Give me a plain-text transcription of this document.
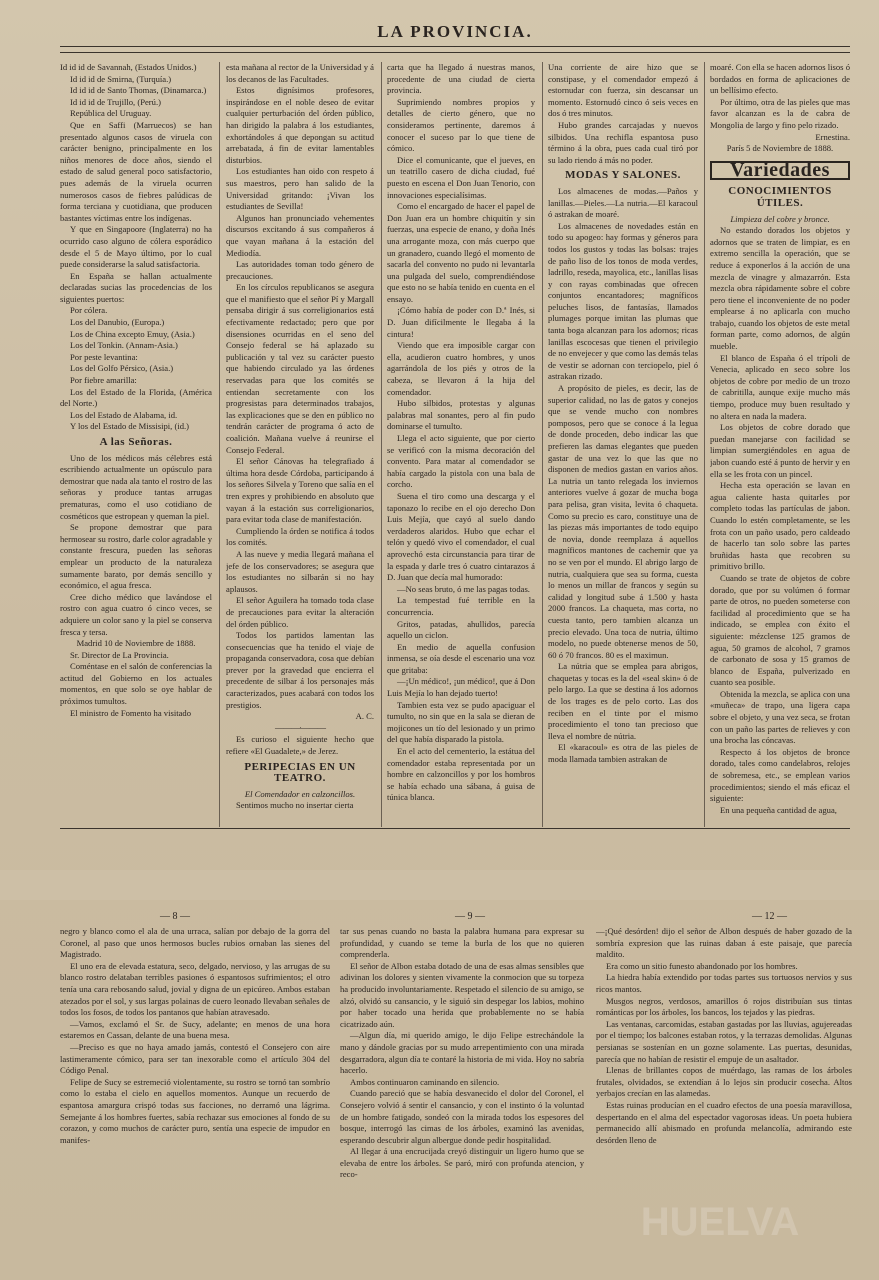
LA PROVINCIA.

Id id id de Savannah, (Estados Unidos.)

Id id id de Smirna, (Turquía.)

Id id id de Santo Thomas, (Dinamarca.)

Id id id de Trujillo, (Perú.)

República del Uruguay.

Que en Saffi (Marruecos) se han presentado algunos casos de viruela con carácter benigno, principalmente en los niños menores de doce años, siendo el estado de salud general poco satisfactorio, pues además de la viruela ocurren numerosos casos de fiebres palúdicas de forma terciana y cuotidiana, que producen bastantes víctimas entre los indígenas.

Y que en Singapoore (Inglaterra) no ha ocurrido caso alguno de cólera esporádico desde el 5 de Mayo último, por lo cual puede considerarse la salud satisfactoria.

En España se hallan actualmente declaradas sucias las procedencias de los siguientes puertos:

Por cólera.

Los del Danubio, (Europa.)

Los de China excepto Emuy, (Asia.)

Los del Tonkin. (Annam-Asia.)

Por peste levantina:

Los del Golfo Pérsico, (Asia.)

Por fiebre amarilla:

Los del Estado de la Florida, (América del Norte.)

Los del Estado de Alabama, id.

Y los del Estado de Missisipi, (id.)

A las Señoras.

Uno de los médicos más célebres está escribiendo actualmente un opúsculo para demostrar que nada ala tanto el rostro de las señoras y produce tantas arrugas prematuras, como el uso cotidiano de cosméticos que estropean y queman la piel.

Se propone demostrar que para hermosear su rostro, darle color agradable y constante frescura, pueden las señoras emplear un producto de la naturaleza sumamente barato, por demás sencillo y económico, el agua fresca.

Cree dicho médico que lavándose el rostro con agua cuatro ó cinco veces, se adquiere un color sano y la piel se conserva fresca y tersa.

Madrid 10 de Noviembre de 1888.

Sr. Director de La Provincia.

Coméntase en el salón de conferencias la actitud del Gobierno en los actuales momentos, en que solo se oye hablar de próximos tumultos.

El ministro de Fomento ha visitado

esta mañana al rector de la Universidad y á los decanos de las Facultades.

Estos dignísimos profesores, inspirándose en el noble deseo de evitar cualquier perturbación del órden público, han dirigido la palabra á los estudiantes, exhortándoles á que depongan su actitud arrebatada, á fin de evitar lamentables disturbios.

Los estudiantes han oido con respeto á sus maestros, pero han salido de la Universidad gritando: ¡Vivan los estudiantes de Sevilla!

Algunos han pronunciado vehementes discursos excitando á sus compañeros á que vayan mañana á la estación del Mediodía.

Las autoridades toman todo género de precauciones.

En los círculos republicanos se asegura que el manifiesto que el señor Pí y Margall pensaba dirigir á sus correligionarios está efectivamente redactado; pero que por disensiones ocurridas en el seno del Consejo federal se há aplazado su publicación y tal vez su carácter puesto que habiendo circulado ya las órdenes reservadas para que los comités se entiendan secretamente con los progresistas para determinados trabajos, las explicaciones que se den en público no tendrán carácter de programa ó acto de coalición. Mañana vuelve á reunirse el Consejo Federal.

El señor Cánovas ha telegrafiado á última hora desde Córdoba, participando á los señores Silvela y Toreno que salía en el tren expres y prohibiendo en absoluto que vayan á la estación sus correligionarios, para evitar toda clase de manifestación.

Cumpliendo la órden se notifica á todos los comités.

A las nueve y media llegará mañana el jefe de los conservadores; se asegura que los estudiantes no silbarán si no hay aplausos.

El señor Aguilera ha tomado toda clase de precauciones para evitar la alteración del órden público.

Todos los partidos lamentan las consecuencias que ha tenido el viaje de propaganda conservadora, cosa que debían prever por la gravedad que encierra el precedente de silbar á los personajes más caracterizados, pues acabará con todos los prestigios.

A. C.

———·———

Es curioso el siguiente hecho que refiere «El Guadalete,» de Jerez.

PERIPECIAS EN UN TEATRO.

El Comendador en calzoncillos.

Sentimos mucho no insertar cierta

carta que ha llegado á nuestras manos, procedente de una ciudad de cierta provincia.

Suprimiendo nombres propios y detalles de cierto género, que no consideramos pertinente, daremos á conocer el suceso par lo que tiene de cómico.

Dice el comunicante, que el jueves, en un teatrillo casero de dicha ciudad, fué puesto en escena el Don Juan Tenorio, con innovaciones especialísimas.

Como el encargado de hacer el papel de Don Juan era un hombre chiquitín y sin fuerzas, una especie de enano, y doña Inés una arrogante moza, con más cuerpo que un granadero, cuando llegó el momento de sacarla del convento no pudo ni levantarla una pulgada del suelo, comprendiéndose que esto no se había tenido en cuenta en el ensayo.

¡Cómo había de poder con D.ª Inés, si D. Juan difícilmente le llegaba á la cintura!

Viendo que era imposible cargar con ella, acudieron cuatro hombres, y unos agarrándola de los piés y otros de la cabeza, se llevaron á la hija del comendador.

Hubo silbidos, protestas y algunas palabras mal sonantes, pero al fin pudo dominarse el tumulto.

Llega el acto siguiente, que por cierto se verificó con la misma decoración del convento. Para matar al comendador se había cargado la pistola con una bala de corcho.

Suena el tiro como una descarga y el taponazo lo recibe en el ojo derecho Don Luis Mejía, que cayó al suelo dando verdaderos alaridos. Hubo que echar el telón y quedó vivo el comendador, el cual aprovechó esta circunstancia para tirar de la espada y darle tres ó cuatro cintarazos á D. Juan que decía mal humorado:

—No seas bruto, ó me las pagas todas.

La tempestad fué terrible en la concurrencia.

Gritos, patadas, ahullidos, parecía aquello un ciclon.

En medio de aquella confusion inmensa, se oía desde el escenario una voz que gritaba:

—¡Un médico!, ¡un médico!, que á Don Luis Mejía lo han dejado tuerto!

Tambien esta vez se pudo apaciguar el tumulto, no sin que en la sala se dieran de mojicones un tío del lesionado y un primo del que había disparado la pistola.

En el acto del cementerio, la estátua del comendador estaba representada por un hombre en calzoncillos y por los hombros se había echado una sábana, á guisa de túnica blanca.

Una corriente de aire hizo que se constipase, y el comendador empezó á estornudar con fuerza, sin descansar un momento. Estornudó cinco ó seis veces en dos ó tres minutos.

Hubo grandes carcajadas y nuevos silbidos. Una rechifla espantosa puso término á la obra, pues cada cual tiró por su lado riendo á más no poder.

MODAS Y SALONES.

Los almacenes de modas.—Paños y lanillas.—Pieles.—La nutria.—El karacoul ó astrakan de moaré.

Los almacenes de novedades están en todo su apogeo: hay formas y géneros para todos los gustos y todas las bolsas: trajes de paño liso de los tonos de moda verdes, ladrillo, reseda, mayolica, etc., lanillas lisas y con rayas combinadas que ofrecen conjuntos encantadores; magníficos peluches lisos, de fantasías, llamados plumages porque imitan las plumas que tanta boga alcanzan para los adornos; ricas lanillas escocesas que tienen el privilegio de no envejecer y que como las demás telas de vestir se adornan con terciopelo, piel ó astrakan rizado.

A propósito de pieles, es decir, las de superior calidad, no las de gatos y conejos que se vende mucho con nombres pomposos, pero que se conoce á la legua de donde proceden, debo indicar las que prefieren las damas elegantes que pueden gastar de una vez lo que las que no disponen de medios gastan en varios años. La nutria un tanto relegada los inviernos anteriores vuelve á gozar de mucha boga para pelisa, gran visita, levita ó chaqueta. Como su precio es caro, constituye una de las piezas más importantes de todo equipo de novia, donde reemplaza á aquellos magníficos mantones de cachemir que ya no se ven por el mundo. El abrigo largo de nutria, cualquiera que sea su forma, cuesta lo menos un millar de francos y según su calidad y longitud sube á 1.500 y hasta 2000 francos. La chaqueta, mas corta, no cuesta tanto, pero tambien alcanza un precio elevado. Una toca de nutria, último modelo, no puede obtenerse menos de 50, 60 ó 70 francos. 80 es el maximun.

La nútria que se emplea para abrigos, chaquetas y tocas es la del «seal skin» ó de pelo largo. La que se destina á los adornos de los trages es de pelo corto. Las dos reciben en el tinte por el mismo procedimiento el tono tan precioso que lleva el nombre de nútria.

El «karacoul» es otra de las pieles de moda llamada tambien astrakan de

moaré. Con ella se hacen adornos lisos ó bordados en forma de aplicaciones de un bellísimo efecto.

Por último, otra de las pieles que mas favor alcanzan es la de cabra de Mongolia de largo y fino pelo rizado.

Ernestina.

París 5 de Noviembre de 1888.

Variedades

CONOCIMIENTOS ÚTILES.

Limpieza del cobre y bronce.

No estando dorados los objetos y adornos que se traten de limpiar, es en extremo sencilla la operación, que se reduce á exponerlos á la acción de una mezcla de vinagre y almazarrón. Esta mezcla obra rápidamente sobre el cobre pero tiene el inconveniente de no poder emplearse á no aplicarla con mucho trabajo, cuando los objetos de este metal forman parte, como adornos, de algún mueble.

El blanco de España ó el trípoli de Venecia, aplicado en seco sobre los objetos de cobre por medio de un trozo de cabritilla, aunque exije mucho más tiempo, produce muy buen resultado y no altera en nada la madera.

Los objetos de cobre dorado que puedan manejarse con facilidad se limpian sumergiéndoles en agua de jabon cuando esté á punto de hervir y en ella se les frota con un pincel.

Hecha esta operación se lavan en agua caliente hasta quitarles por completo todas las partículas de jabon. Cuando lo estén completamente, se les frota con un paño usado, pero caldeado de hacerlo tan solo sobre las partes bruñidas hasta que recobren su primitivo brillo.

Cuando se trate de objetos de cobre dorado, que por su volúmen ó formar parte de otros, no pueden someterse con facilidad al procedimiento que se ha indicado, se emplea con éxito el siguiente: mézclense 125 gramos de agua, 50 gramos de alcohol, 7 gramos de carbonato de sosa y 15 gramos de blanco de España, pulverizado en cuanto sea posible.

Obtenida la mezcla, se aplica con una «muñeca» de trapo, una ligera capa sobre el objeto, y una vez seca, se frotan con un paño las partes de relieves y con una brocha las cóncavas.

Respecto á los objetos de bronce dorado, tales como candelabros, relojes de sobremesa, etc., se emplean varios procedimientos; siendo el más eficaz el siguiente:

En una pequeña cantidad de agua,

— 8 —	— 9 —	— 12 —

negro y blanco como el ala de una urraca, salían por debajo de la gorra del Coronel, al paso que unos hermosos bucles rubios ornaban las sienes del Magistrado.

El uno era de elevada estatura, seco, delgado, nervioso, y las arrugas de su blanco rostro delataban terribles pasiones ó espantosos sufrimientos; el otro tenía una cara rebosando salud, jovial y digna de un epicúreo. Ambos estaban atezados por el sol, y sus largas polainas de cuero leonado llevaban señales de todos los fosos, de todos los pantanos que habían atravesado.

—Vamos, exclamó el Sr. de Sucy, adelante; en menos de una hora estaremos en Cassan, delante de una buena mesa.

—Preciso es que no haya amado jamás, contestó el Consejero con aire lastimeramente cómico, para ser tan inexorable como el artículo 304 del Código Penal.

Felipe de Sucy se estremeció violentamente, su rostro se tornó tan sombrío como lo estaba el cielo en aquellos momentos. Aunque un recuerdo de espantosa amargura crispó todas sus facciones, no derramó una lágrima. Semejante á los hombres fuertes, sabía rechazar sus emociones al fondo de su corazon, y como muchos de carácter puro, sentía una especie de impudor en manifes-

tar sus penas cuando no basta la palabra humana para expresar su profundidad, y cuando se teme la burla de los que no quieren comprenderla.

El señor de Albon estaba dotado de una de esas almas sensibles que adivinan los dolores y sienten vivamente la conmocion que su torpeza ha producido involuntariamente. Respetado el silencio de su amigo, se alzó, olvidó su cansancio, y le siguió sin despegar los labios, mohino por haber tocado una herida que probablemente no se había cicatrizado aún.

—Algun día, mi querido amigo, le dijo Felipe estrechándole la mano y dándole gracias por su mudo arrepentimiento con una mirada desgarradora, algun día te contaré la historia de mi vida. Hoy no sabría hacerlo.

Ambos continuaron caminando en silencio.

Cuando pareció que se había desvanecido el dolor del Coronel, el Consejero volvió á sentir el cansancio, y con el instinto ó la voluntad de un hombre fatigado, sondeó con la mirada todos los espesores del bosque, interrogó las cimas de los árboles, examinó las avenidas, esperando descubrir algun albergue donde pedir hospitalidad.

Al llegar á una encrucijada creyó distinguir un ligero humo que se elevaba de entre los árboles. Se paró, miró con profunda atencion, y reco-

—¡Qué desórden! dijo el señor de Albon después de haber gozado de la sombría expresion que las ruinas daban á este paisaje, que parecía maldito.

Era como un sitio funesto abandonado por los hombres.

La hiedra había extendido por todas partes sus tortuosos nervios y sus ricos mantos.

Musgos negros, verdosos, amarillos ó rojos distribuían sus tintas románticas por los árboles, los bancos, los tejados y las piedras.

Las ventanas, carcomidas, estaban gastadas por las lluvias, agujereadas por el tiempo; los balcones estaban rotos, y la terrazas demolidas. Algunas persianas se sostenían en un gozne solamente. Las puertas, desunidas, parecía que no habían de resistir el empuje de un asaltador.

Llenas de brillantes copos de muérdago, las ramas de los árboles frutales, olvidados, se extendían á lo lejos sin producir cosecha. Altos yerbajos crecían en las alamedas.

Estas ruinas producían en el cuadro efectos de una poesía maravillosa, despertando en el alma del espectador vagorosas ideas. Un poeta hubiera permanecido allí abismado en profunda melancolía, admirando este desórden lleno de

HUELVA
